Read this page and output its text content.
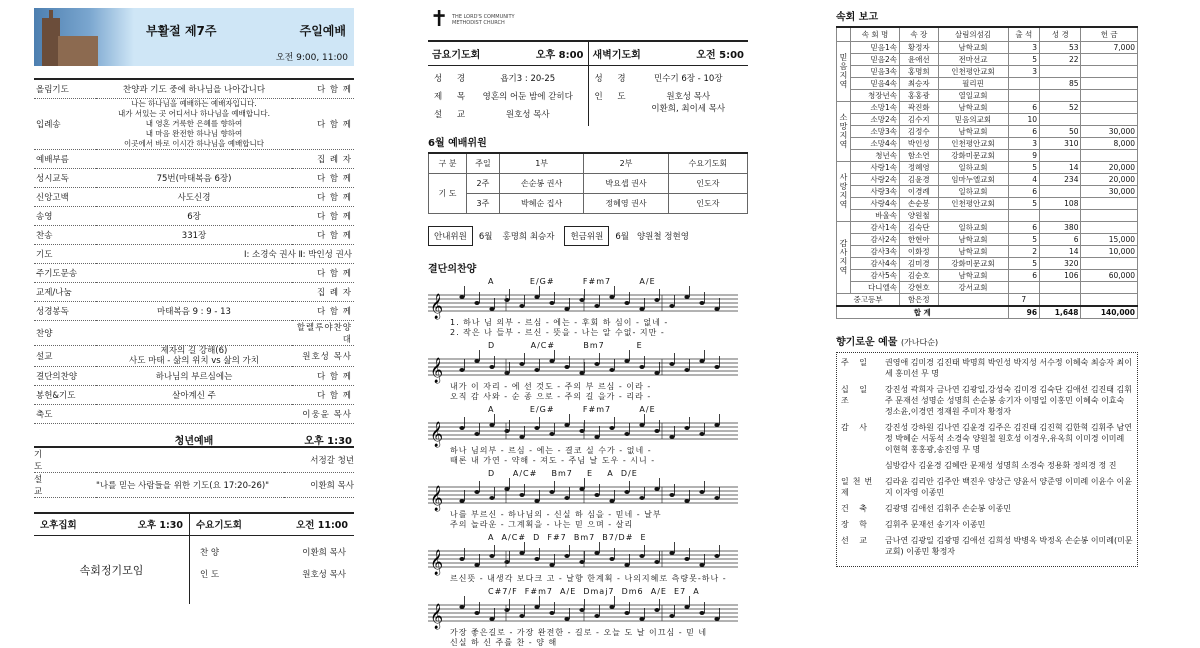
부활절 제7주	주일예배
오전 9:00, 11:00
올림기도	찬양과 기도 중에 하나님을 나아갑니다	다 함 께
입례송	나는 하나님을 예배하는 예배자입니다.
내가 서있는 곳 어디서나 하나님을 예배합니다.
내 영혼 거룩한 은혜를 향하여
내 마음 완전한 하나님 향하여
이곳에서 바로 이시간 하나님을 예배합니다	다 함 께
예배부름		집 례 자
성시교독	75번(마태복음 6장)	다 함 께
신앙고백	사도신경	다 함 께
송영	6장	다 함 께
찬송	331장	다 함 께
기도	Ⅰ: 소경숙 권사 Ⅱ: 박인성 권사	
주기도문송		다 함 께
교제/나눔		집 례 자
성경봉독	마태복음 9 : 9 - 13	다 함 께
찬양		할렐루야찬양대
설교	제자의 길 강해(6)
사도 마태 - 삶의 위치 vs 삶의 가치	원호성 목사
결단의찬양	하나님의 부르심에는	다 함 께
봉헌&기도	살아계신 주	다 함 께
축도		이웅윤 목사
청년예배	오후 1:30
기도		서정갈 청년
설교	"나를 믿는 사람들을 위한 기도(요 17:20-26)"	이환희 목사
오후집회	오후 1:30
속회정기모임
수요기도회	오전 11:00
찬 양	이환희 목사
인 도	원호성 목사
✝ THE LORD'S COMMUNITY
METHODIST CHURCH
금요기도회	오후 8:00
성 경	욥기3 : 20-25
제 목	영혼의 어둔 밤에 갇히다
설 교	원호성 목사
새벽기도회	오전 5:00
성 경	민수기 6장 - 10장
인 도	원호성 목사
이환희, 최이세 목사
6월 예배위원
구 분	주일	1부	2부	수요기도회
기 도	2주	손순봉 권사	박요셉 권사	인도자
	3주	박혜순 집사	정혜영 권사	인도자
안내위원	6월 홍명희 최승자	헌금위원	6월 양원철 정현영
결단의찬양
𝄞
A          E/G#        F#m7        A/E
1. 하나 님 의부 - 르심 - 에는 - 후회 하 심이 - 없네 -
2. 작은 나 들부 - 르신 - 뜻을 - 나는 알 수없- 지만 -
𝄞
D          A/C#        Bm7         E
내가 이 자리 - 에 선 것도 - 주의 부 르심 - 이라 -
오직 감 사와 - 순 종 으로 - 주의 길 을가 - 리라 -
𝄞
A          E/G#        F#m7        A/E
하나 님의부 - 르심 - 에는 - 결코 실 수가 - 없네 -
때론 내 가연 - 약해 - 져도 - 주님 날 도우 - 시니 -
𝄞
D     A/C#    Bm7    E    A  D/E
나를 부르신 - 하나님의 - 신실 하 심을 - 믿네 - 날부
주의 놀라운 - 그계획을 - 나는 믿 으며 - 살리
𝄞
A  A/C#  D  F#7  Bm7  B7/D#  E
르신뜻 - 내생각 보다크 고 - 날향 한계획 - 나의지혜로 측량못-하나 -
𝄞
C#7/F  F#m7  A/E  Dmaj7  Dm6  A/E  E7  A
가장 좋은길로 - 가장 완전한 - 길로 - 오늘 도 날 이끄심 - 믿 네
신실 하 신 주를 찬 - 양 해
속회 보고
	속 회 명	속 장	살림의섬김	출 석	성 경	헌 금
믿
음
지
역	믿음1속	황정자	남학교회	3	53	7,000
	믿음2속	윤애선	전마선교	5	22	
	믿음3속	홍명희	인천평안교회	3		
	믿음4속	최승자	필리핀		85	
	청장년속	홍홍광	열일교회			
소
망
지
역	소망1속	곽진화	남학교회	6	52	
	소망2속	김수지	믿음의교회	10		
	소망3속	김정수	남학교회	6	50	30,000
	소망4속	박인성	인천평안교회	3	310	8,000
	청년속	함소연	강화미문교회	9		
사
랑
지
역	사랑1속	정혜영	일하교회	5	14	20,000
	사랑2속	김윤경	임마누엘교회	4	234	20,000
	사랑3속	이경례	일하교회	6		30,000
	사랑4속	손순봉	인천평안교회	5	108	
	바울속	양원철				
감
사
지
역	감사1속	김숙단	일하교회	6	380	
	감사2속	한현아	남학교회	5	6	15,000
	감사3속	이화정	남학교회	2	14	10,000
	감사4속	김미경	강화미문교회	5	320	
	감사5속	김순호	남학교회	6	106	60,000
	다니엘속	강현호	강서교회			
중고등부		함은정		7		
합 계				96	1,648	140,000
향기로운 예물 (가나다순)
주 일	권영애 김미경 김진태 박명희 박인성 박지성 서수정 이혜숙 최승자 최이세 홍미선 무 명
십 일 조
강진성 곽희자 금나연 김광일,강성숙 김미경 김숙단 김애선 김진태 김휘주 문재선 성명순 성명희 손순봉 송기자 이명일 이홍민 이혜숙 이효숙 정소윤,이경연 정재원 주미자 황정자
감 사	강진성 강하원 김나연 김윤경 김주은 김진태 김진혁 김한혁 김휘주 남연정 박혜순 서동석 소경숙 양원철 원호성 이경우,유옥희 이미경 이미례 이현혁 홍홍광,송진영 무 명
심방감사 김윤경 김혜란 문재성 성명희 소경숙 정용화 정의경 정 진
일천번제
김라윤 김리안 김주안 백진우 양상근 양윤서 양준영 이미례 이윤수 이윤지 이자영 이종민
건 축	김광명 김애선 김휘주 손순봉 이종민
장 학	김휘주 문재선 송기자 이종민
선 교	금나연 김광일 김광명 김애선 김희성 박병옥 박정옥 손순봉 이미례(미문교회) 이종민 황정자
